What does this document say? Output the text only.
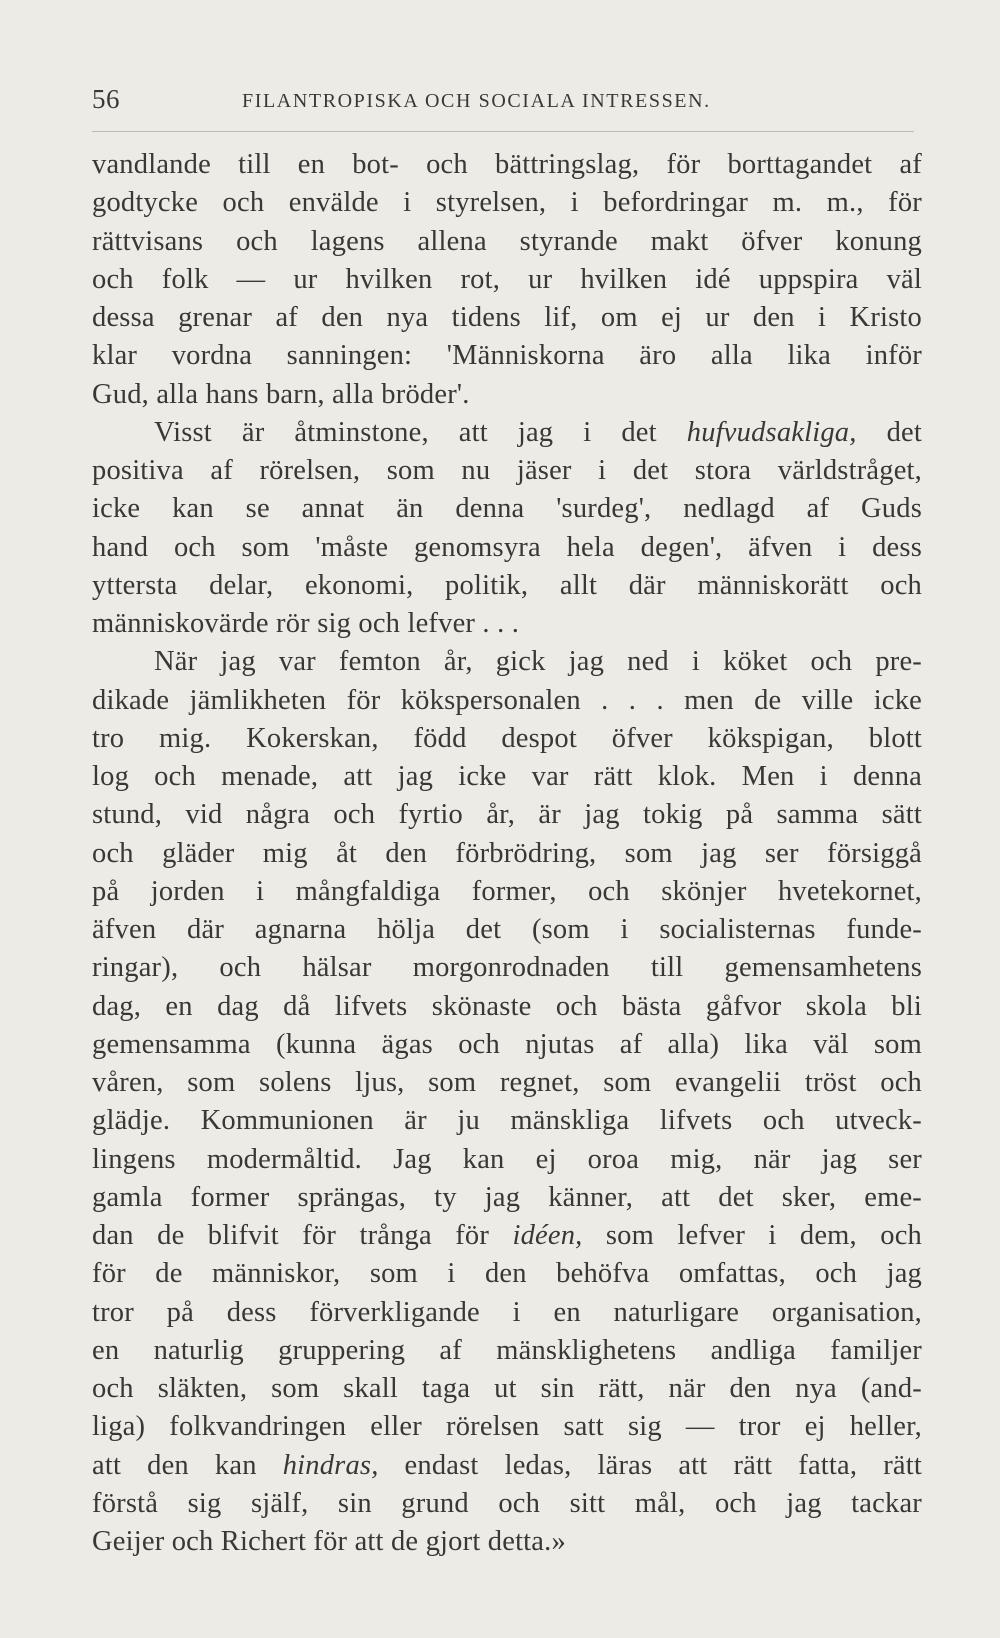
56	FILANTROPISKA OCH SOCIALA INTRESSEN.
vandlande till en bot- och bättringslag, för borttagandet af
godtycke och envälde i styrelsen, i befordringar m. m., för
rättvisans och lagens allena styrande makt öfver konung
och folk — ur hvilken rot, ur hvilken idé uppspira väl
dessa grenar af den nya tidens lif, om ej ur den i Kristo
klar vordna sanningen: 'Människorna äro alla lika inför
Gud, alla hans barn, alla bröder'.
Visst är åtminstone, att jag i det hufvudsakliga, det
positiva af rörelsen, som nu jäser i det stora världstråget,
icke kan se annat än denna 'surdeg', nedlagd af Guds
hand och som 'måste genomsyra hela degen', äfven i dess
yttersta delar, ekonomi, politik, allt där människorätt och
människovärde rör sig och lefver . . .
När jag var femton år, gick jag ned i köket och pre-
dikade jämlikheten för kökspersonalen . . . men de ville icke
tro mig. Kokerskan, född despot öfver kökspigan, blott
log och menade, att jag icke var rätt klok. Men i denna
stund, vid några och fyrtio år, är jag tokig på samma sätt
och gläder mig åt den förbrödring, som jag ser försiggå
på jorden i mångfaldiga former, och skönjer hvetekornet,
äfven där agnarna hölja det (som i socialisternas funde-
ringar), och hälsar morgonrodnaden till gemensamhetens
dag, en dag då lifvets skönaste och bästa gåfvor skola bli
gemensamma (kunna ägas och njutas af alla) lika väl som
våren, som solens ljus, som regnet, som evangelii tröst och
glädje. Kommunionen är ju mänskliga lifvets och utveck-
lingens modermåltid. Jag kan ej oroa mig, när jag ser
gamla former sprängas, ty jag känner, att det sker, eme-
dan de blifvit för trånga för idéen, som lefver i dem, och
för de människor, som i den behöfva omfattas, och jag
tror på dess förverkligande i en naturligare organisation,
en naturlig gruppering af mänsklighetens andliga familjer
och släkten, som skall taga ut sin rätt, när den nya (and-
liga) folkvandringen eller rörelsen satt sig — tror ej heller,
att den kan hindras, endast ledas, läras att rätt fatta, rätt
förstå sig själf, sin grund och sitt mål, och jag tackar
Geijer och Richert för att de gjort detta.»
